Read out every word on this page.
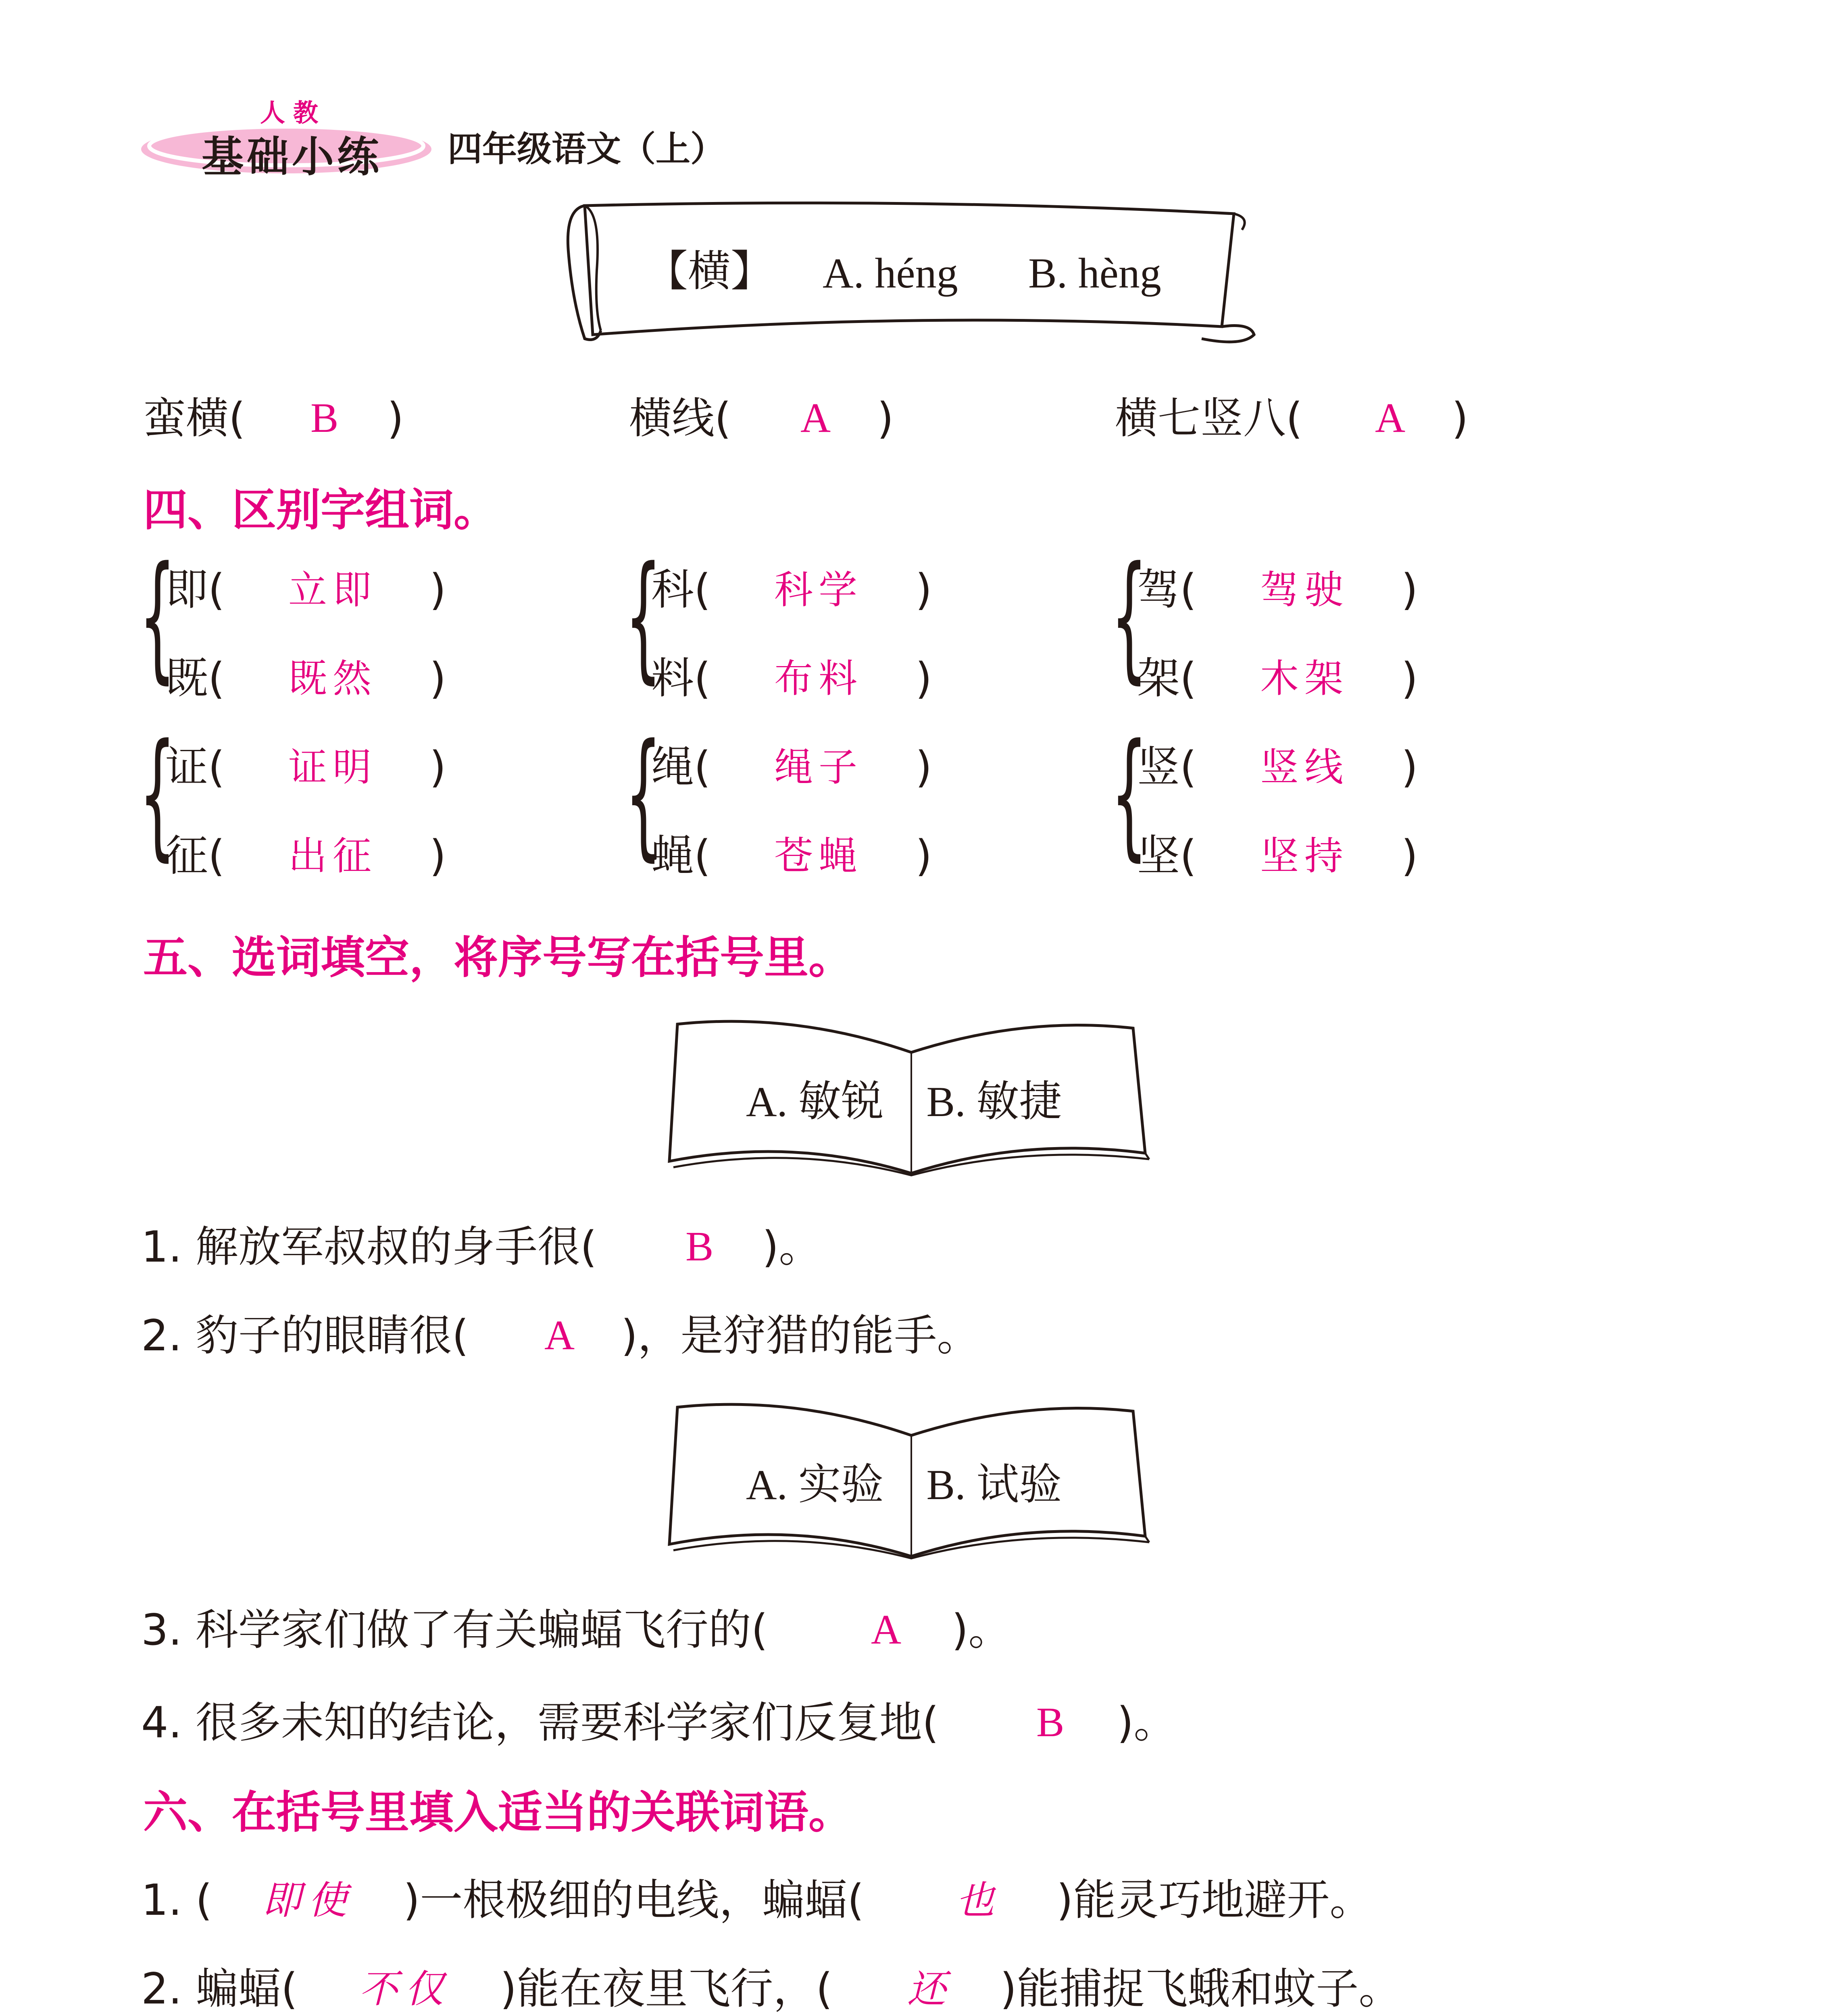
人教
基础小练 四年级语文（上）
【横】 A. héng B. hèng
蛮横( B )	横线( A )	横七竖八( A )
四、区别字组词。
{
即( 立即 )
既( 既然 ) {
科( 科学 )
料( 布料 ) {
驾( 驾驶 )
架( 木架 )
{
证( 证明 )
征( 出征 ) {
绳( 绳子 )
蝇( 苍蝇 ) {
竖( 竖线 )
坚( 坚持 )
五、选词填空，将序号写在括号里。
A. 敏锐　B. 敏捷
1. 解放军叔叔的身手很( B )。
2. 豹子的眼睛很( A )，是狩猎的能手。
A. 实验　B. 试验
3. 科学家们做了有关蝙蝠飞行的( A )。
4. 很多未知的结论，需要科学家们反复地( B )。
六、在括号里填入适当的关联词语。
1. ( 即使 )一根极细的电线，蝙蝠( 也 )能灵巧地避开。
2. 蝙蝠( 不仅 )能在夜里飞行，( 还 )能捕捉飞蛾和蚊子。
